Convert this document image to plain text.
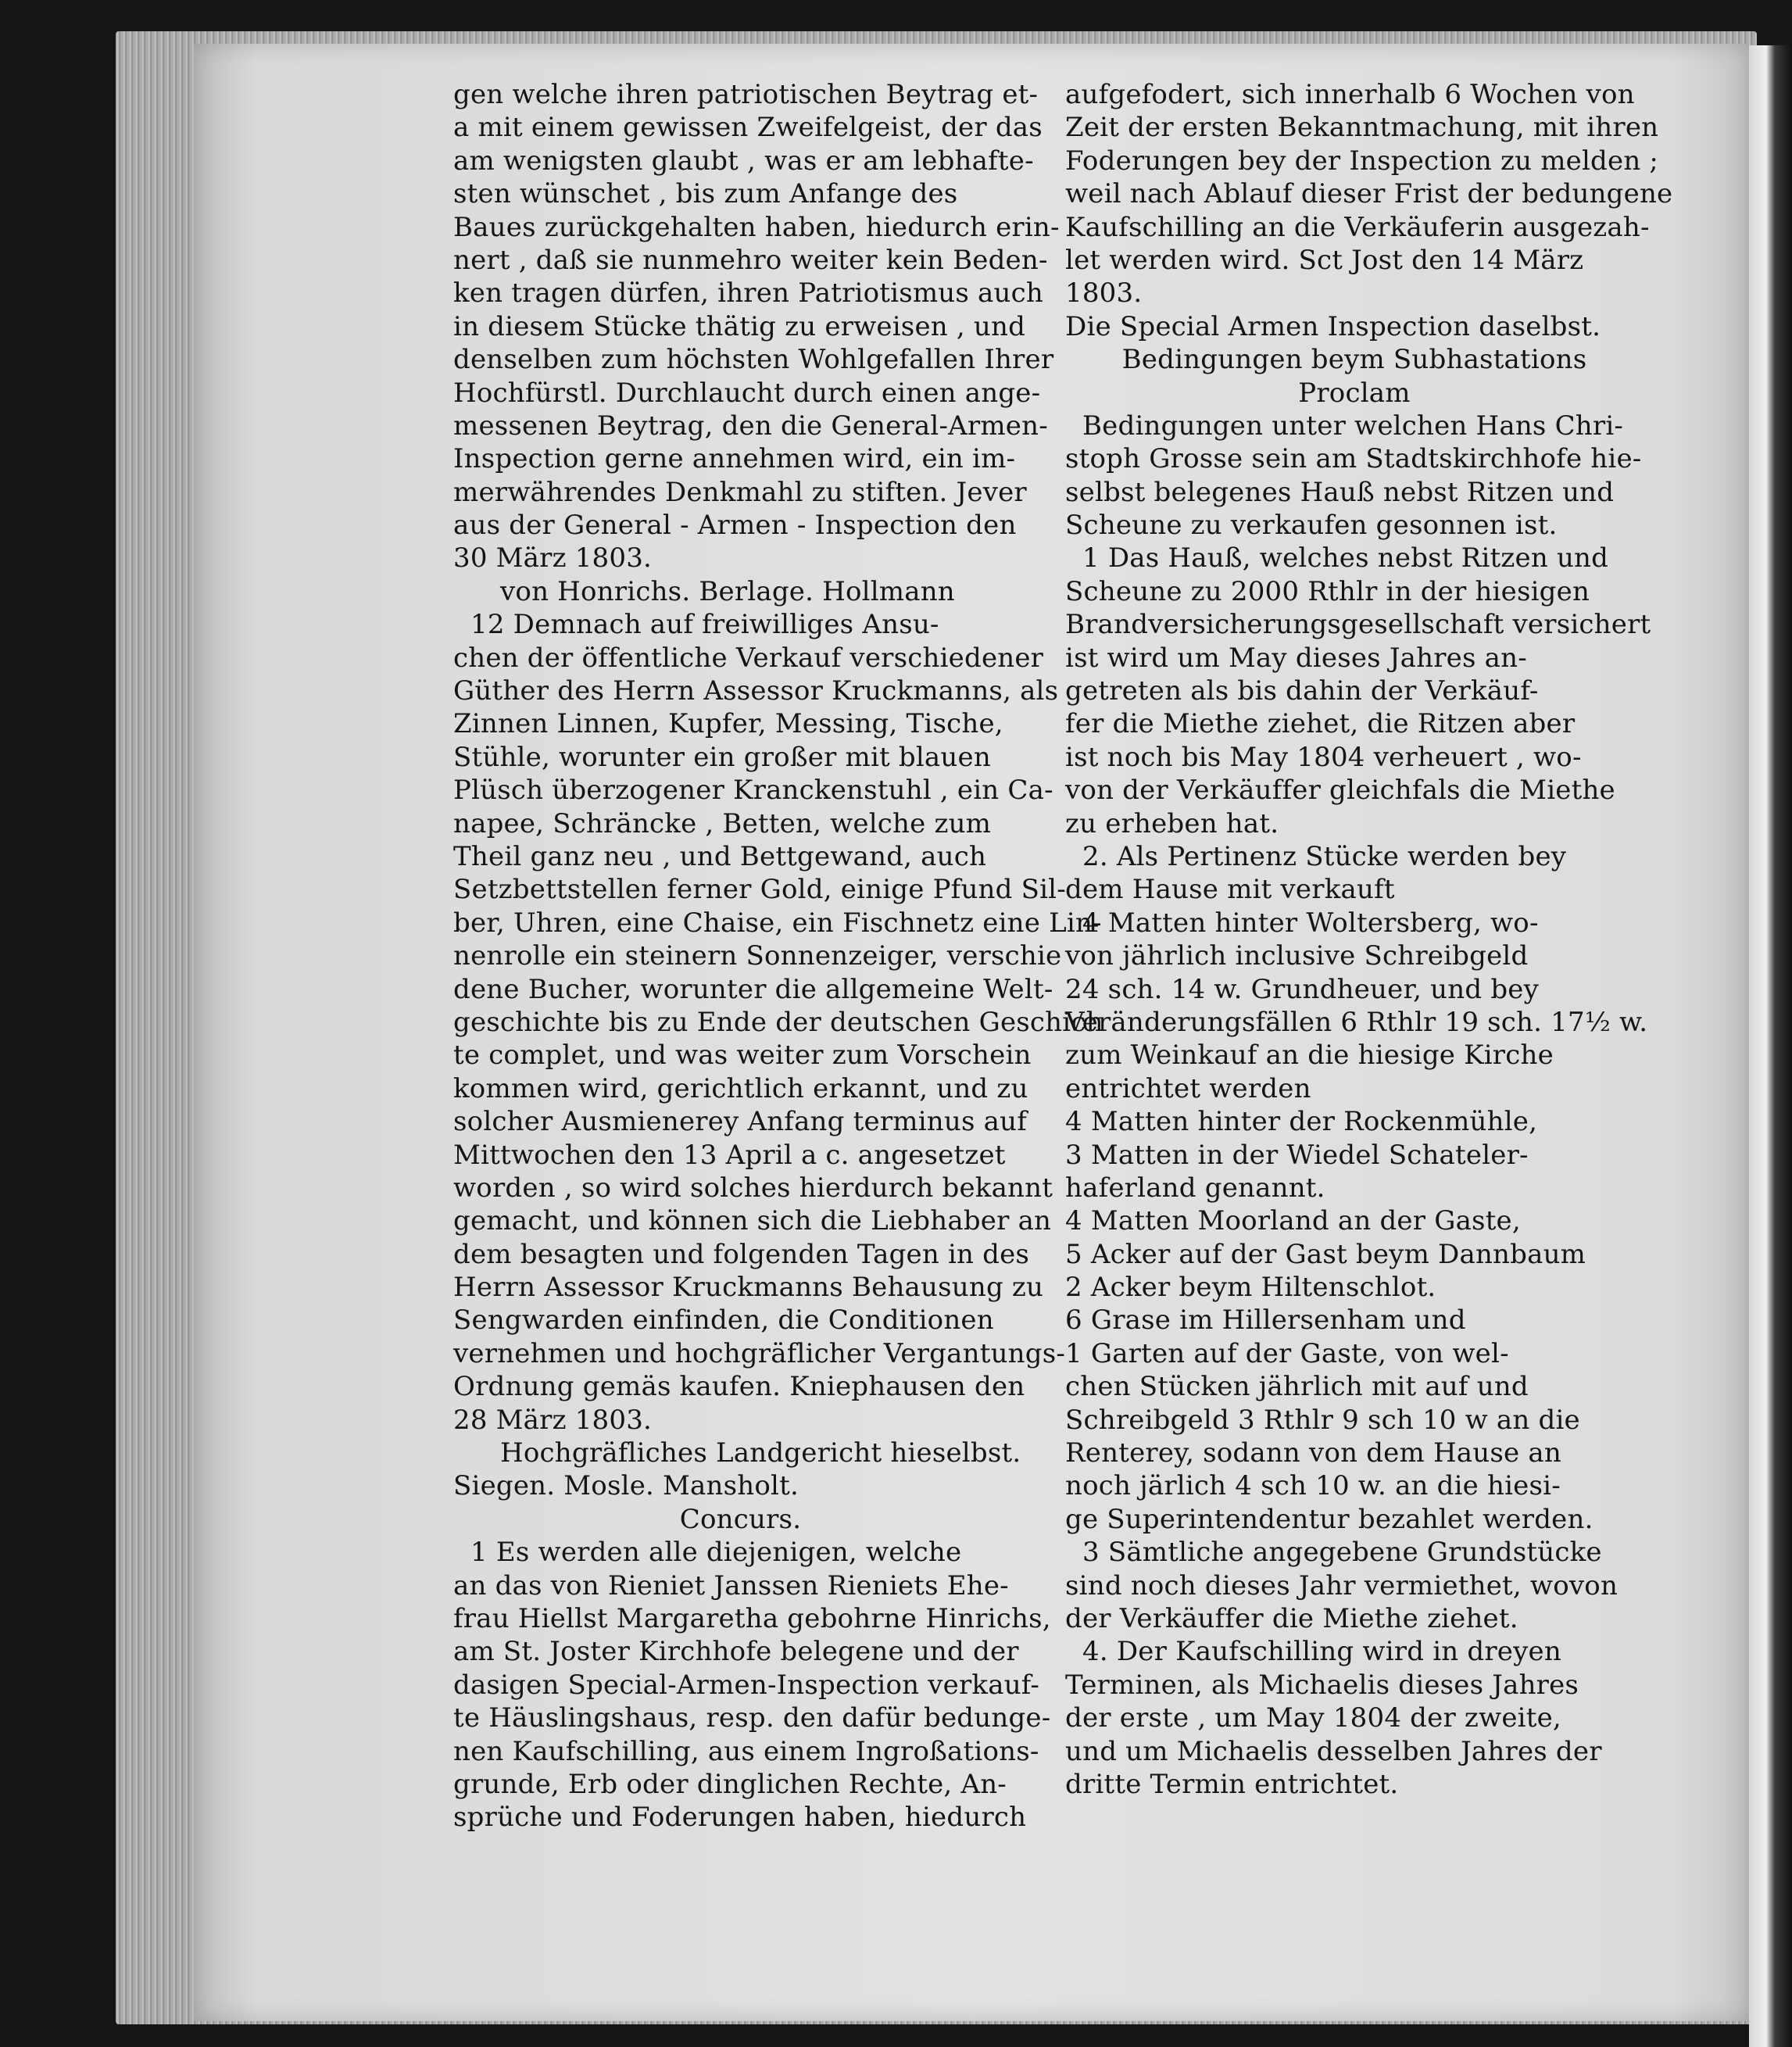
gen welche ihren patriotischen Beytrag et-
a mit einem gewissen Zweifelgeist, der das
am wenigsten glaubt , was er am lebhafte-
sten wünschet , bis zum Anfange des
Baues zurückgehalten haben, hiedurch erin-
nert , daß sie nunmehro weiter kein Beden-
ken tragen dürfen, ihren Patriotismus auch
in diesem Stücke thätig zu erweisen , und
denselben zum höchsten Wohlgefallen Ihrer
Hochfürstl. Durchlaucht durch einen ange-
messenen Beytrag, den die General-Armen-
Inspection gerne annehmen wird, ein im-
merwährendes Denkmahl zu stiften. Jever
aus der General - Armen - Inspection den
30 März 1803.
von Honrichs. Berlage. Hollmann
12 Demnach auf freiwilliges Ansu-
chen der öffentliche Verkauf verschiedener
Güther des Herrn Assessor Kruckmanns, als
Zinnen Linnen, Kupfer, Messing, Tische,
Stühle, worunter ein großer mit blauen
Plüsch überzogener Kranckenstuhl , ein Ca-
napee, Schräncke , Betten, welche zum
Theil ganz neu , und Bettgewand, auch
Setzbettstellen ferner Gold, einige Pfund Sil-
ber, Uhren, eine Chaise, ein Fischnetz eine Lin-
nenrolle ein steinern Sonnenzeiger, verschie
dene Bucher, worunter die allgemeine Welt-
geschichte bis zu Ende der deutschen Geschich
te complet, und was weiter zum Vorschein
kommen wird, gerichtlich erkannt, und zu
solcher Ausmienerey Anfang terminus auf
Mittwochen den 13 April a c. angesetzet
worden , so wird solches hierdurch bekannt
gemacht, und können sich die Liebhaber an
dem besagten und folgenden Tagen in des
Herrn Assessor Kruckmanns Behausung zu
Sengwarden einfinden, die Conditionen
vernehmen und hochgräflicher Vergantungs-
Ordnung gemäs kaufen. Kniephausen den
28 März 1803.
Hochgräfliches Landgericht hieselbst.
Siegen. Mosle. Mansholt.
Concurs.
1 Es werden alle diejenigen, welche
an das von Rieniet Janssen Rieniets Ehe-
frau Hiellst Margaretha gebohrne Hinrichs,
am St. Joster Kirchhofe belegene und der
dasigen Special-Armen-Inspection verkauf-
te Häuslingshaus, resp. den dafür bedunge-
nen Kaufschilling, aus einem Ingroßations-
grunde, Erb oder dinglichen Rechte, An-
sprüche und Foderungen haben, hiedurch
aufgefodert, sich innerhalb 6 Wochen von
Zeit der ersten Bekanntmachung, mit ihren
Foderungen bey der Inspection zu melden ;
weil nach Ablauf dieser Frist der bedungene
Kaufschilling an die Verkäuferin ausgezah-
let werden wird. Sct Jost den 14 März
1803.
Die Special Armen Inspection daselbst.
Bedingungen beym Subhastations
Proclam
Bedingungen unter welchen Hans Chri-
stoph Grosse sein am Stadtskirchhofe hie-
selbst belegenes Hauß nebst Ritzen und
Scheune zu verkaufen gesonnen ist.
1 Das Hauß, welches nebst Ritzen und
Scheune zu 2000 Rthlr in der hiesigen
Brandversicherungsgesellschaft versichert
ist wird um May dieses Jahres an-
getreten als bis dahin der Verkäuf-
fer die Miethe ziehet, die Ritzen aber
ist noch bis May 1804 verheuert , wo-
von der Verkäuffer gleichfals die Miethe
zu erheben hat.
2. Als Pertinenz Stücke werden bey
dem Hause mit verkauft
4 Matten hinter Woltersberg, wo-
von jährlich inclusive Schreibgeld
24 sch. 14 w. Grundheuer, und bey
Veränderungsfällen 6 Rthlr 19 sch. 17½ w.
zum Weinkauf an die hiesige Kirche
entrichtet werden
4 Matten hinter der Rockenmühle,
3 Matten in der Wiedel Schateler-
haferland genannt.
4 Matten Moorland an der Gaste,
5 Acker auf der Gast beym Dannbaum
2 Acker beym Hiltenschlot.
6 Grase im Hillersenham und
1 Garten auf der Gaste, von wel-
chen Stücken jährlich mit auf und
Schreibgeld 3 Rthlr 9 sch 10 w an die
Renterey, sodann von dem Hause an
noch järlich 4 sch 10 w. an die hiesi-
ge Superintendentur bezahlet werden.
3 Sämtliche angegebene Grundstücke
sind noch dieses Jahr vermiethet, wovon
der Verkäuffer die Miethe ziehet.
4. Der Kaufschilling wird in dreyen
Terminen, als Michaelis dieses Jahres
der erste , um May 1804 der zweite,
und um Michaelis desselben Jahres der
dritte Termin entrichtet.
